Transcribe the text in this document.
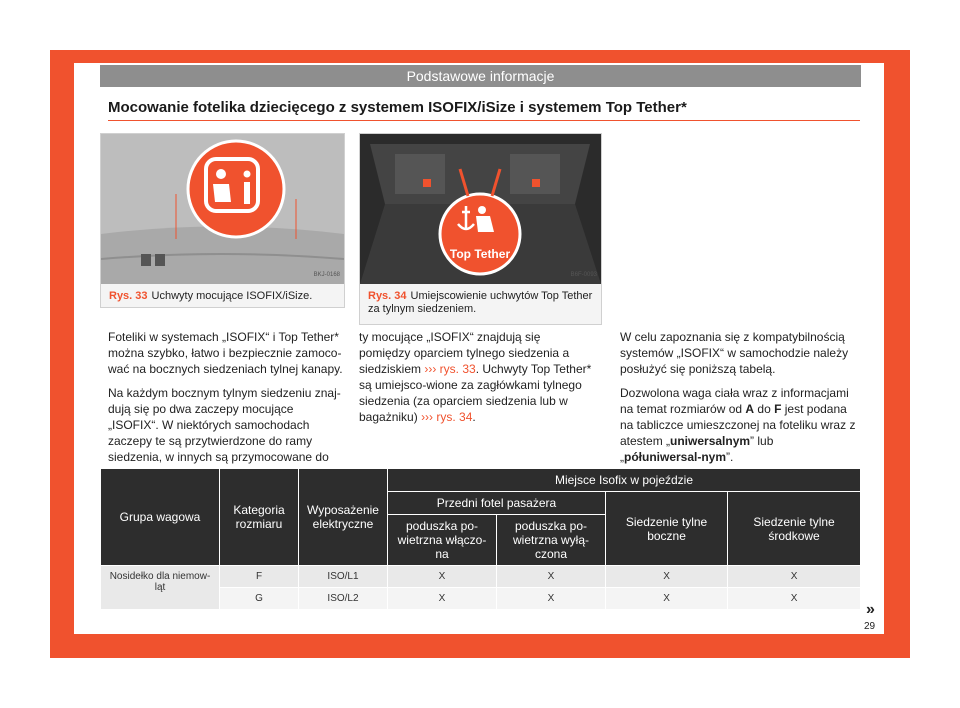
Podstawowe informacje
Mocowanie fotelika dziecięcego z systemem ISOFIX/iSize i systemem Top Tether*
BKJ-0168
Rys. 33 Uchwyty mocujące ISOFIX/iSize.
Top Tether
B6F-0093
Rys. 34 Umiejscowienie uchwytów Top Tether za tylnym siedzeniem.

Foteliki w systemach „ISOFIX“ i Top Tether* można szybko, łatwo i bezpiecznie zamoco-wać na bocznych siedzeniach tylnej kanapy.

Na każdym bocznym tylnym siedzeniu znaj-dują się po dwa zaczepy mocujące „ISOFIX“. W niektórych samochodach zaczepy te są przytwierdzone do ramy siedzenia, w innych są przymocowane do

ty mocujące „ISOFIX“ znajdują się pomiędzy oparciem tylnego siedzenia a siedziskiem ››› rys. 33. Uchwyty Top Tether* są umiejsco-wione za zagłówkami tylnego siedzenia (za oparciem siedzenia lub w bagażniku) ››› rys. 34.

W celu zapoznania się z kompatybilnością systemów „ISOFIX“ w samochodzie należy posłużyć się poniższą tabelą.

Dozwolona waga ciała wraz z informacjami na temat rozmiarów od A do F jest podana na tabliczce umieszczonej na foteliku wraz z atestem „uniwersalnym” lub „półuniwersal-nym”.

Grupa wagowa	Kategoria rozmiaru	Wyposażenie elektryczne	Miejsce Isofix w pojeździe			
			Przedni fotel pasażera		Siedzenie tylne boczne	Siedzenie tylne środkowe
			poduszka po-wietrzna włączo-na	poduszka po-wietrzna wyłą-czona		
Nosidełko dla niemow-ląt	F	ISO/L1	X	X	X	X
	G	ISO/L2	X	X	X	X
»
29
